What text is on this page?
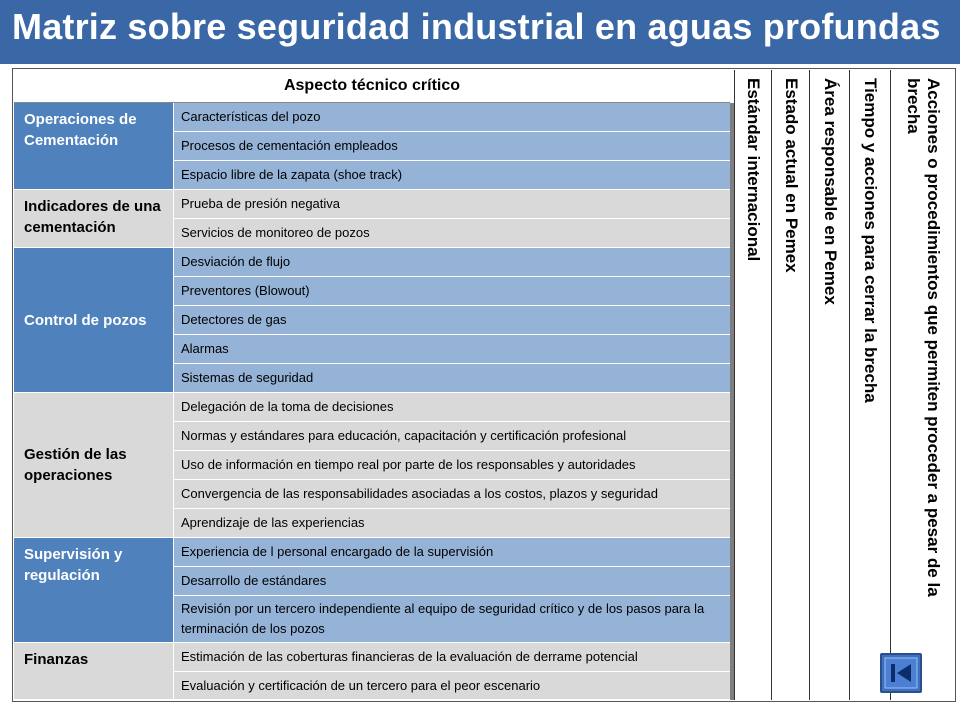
Matriz sobre seguridad industrial en aguas profundas
Aspecto técnico crítico
Operaciones de Cementación
Características del pozo
Procesos de cementación empleados
Espacio libre de la zapata (shoe track)
Indicadores de una cementación
Prueba de presión negativa
Servicios de monitoreo de pozos
Control de pozos
Desviación de flujo
Preventores (Blowout)
Detectores de gas
Alarmas
Sistemas de seguridad
Gestión de las operaciones
Delegación de la toma de decisiones
Normas y estándares para educación, capacitación y certificación profesional
Uso de información en tiempo real por parte de los responsables y autoridades
Convergencia de las responsabilidades asociadas a los costos, plazos y seguridad
Aprendizaje de las experiencias
Supervisión y regulación
Experiencia de l personal encargado de la supervisión
Desarrollo de estándares
Revisión por un tercero independiente al equipo de seguridad crítico y de los pasos para la terminación de los pozos
Finanzas	Estimación de las coberturas financieras de la evaluación de derrame potencial
Evaluación y certificación de un tercero para el peor escenario
Estándar internacional Estado actual en Pemex Área responsable en Pemex Tiempo y acciones para cerrar la brecha	Acciones o procedimientos que permiten proceder a pesar de la brecha
